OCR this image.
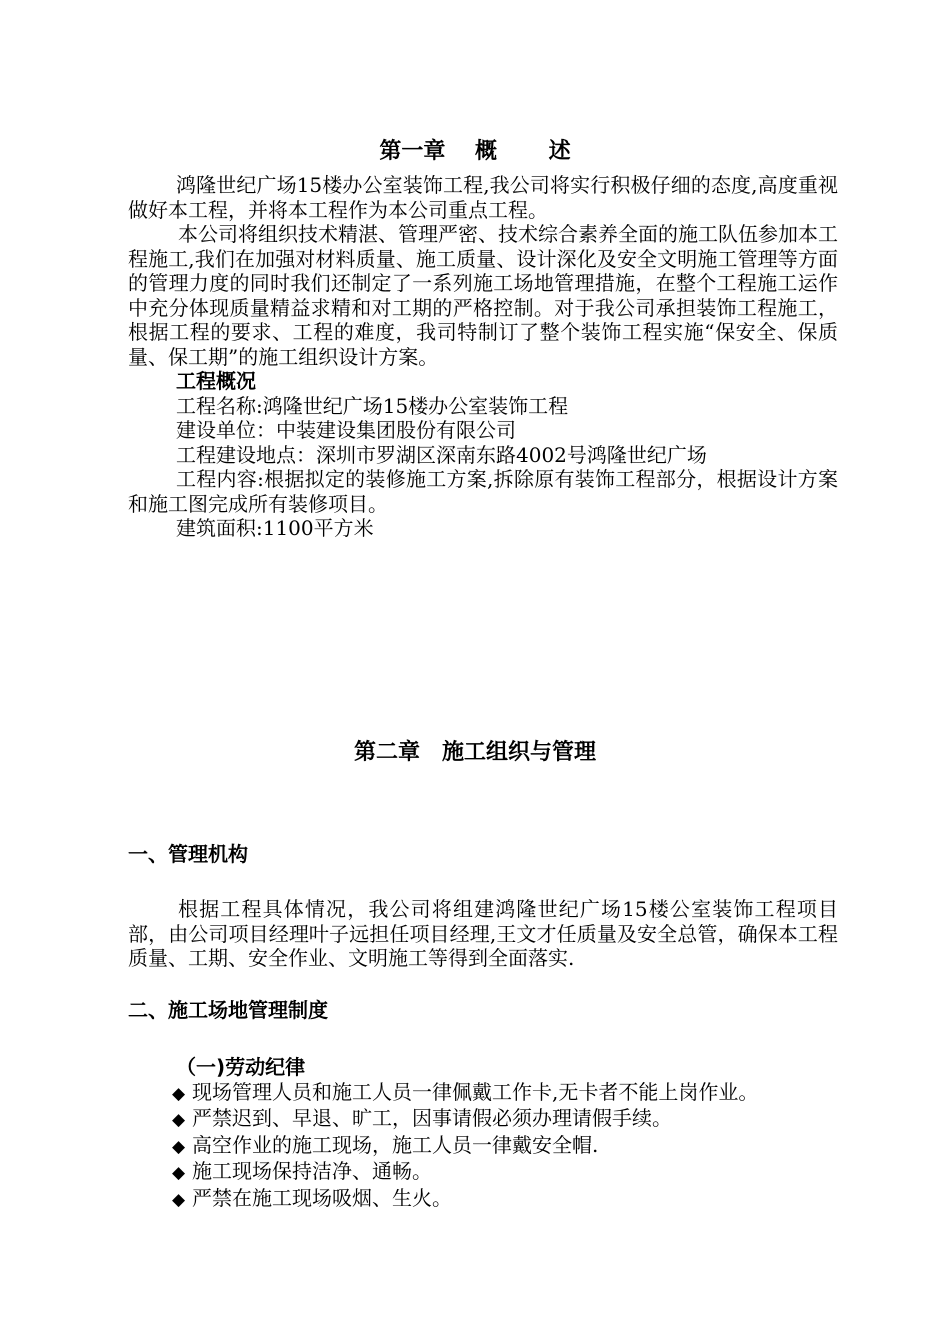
第一章　 概　　 述

鸿隆世纪广场15楼办公室装饰工程,我公司将实行积极仔细的态度,高度重视做好本工程，并将本工程作为本公司重点工程。

本公司将组织技术精湛、管理严密、技术综合素养全面的施工队伍参加本工程施工,我们在加强对材料质量、施工质量、设计深化及安全文明施工管理等方面的管理力度的同时我们还制定了一系列施工场地管理措施，在整个工程施工运作中充分体现质量精益求精和对工期的严格控制。对于我公司承担装饰工程施工，根据工程的要求、工程的难度，我司特制订了整个装饰工程实施“保安全、保质量、保工期”的施工组织设计方案。

工程概况

工程名称:鸿隆世纪广场15楼办公室装饰工程

建设单位：中装建设集团股份有限公司

工程建设地点：深圳市罗湖区深南东路4002号鸿隆世纪广场

工程内容:根据拟定的装修施工方案,拆除原有装饰工程部分，根据设计方案和施工图完成所有装修项目。

建筑面积:1100平方米

第二章　施工组织与管理
一、管理机构

根据工程具体情况，我公司将组建鸿隆世纪广场15楼公室装饰工程项目部，由公司项目经理叶子远担任项目经理,王文才任质量及安全总管，确保本工程质量、工期、安全作业、文明施工等得到全面落实.

二、施工场地管理制度

（一)劳动纪律

◆ 现场管理人员和施工人员一律佩戴工作卡,无卡者不能上岗作业。

◆ 严禁迟到、早退、旷工，因事请假必须办理请假手续。

◆ 高空作业的施工现场，施工人员一律戴安全帽.

◆ 施工现场保持洁净、通畅。

◆ 严禁在施工现场吸烟、生火。
